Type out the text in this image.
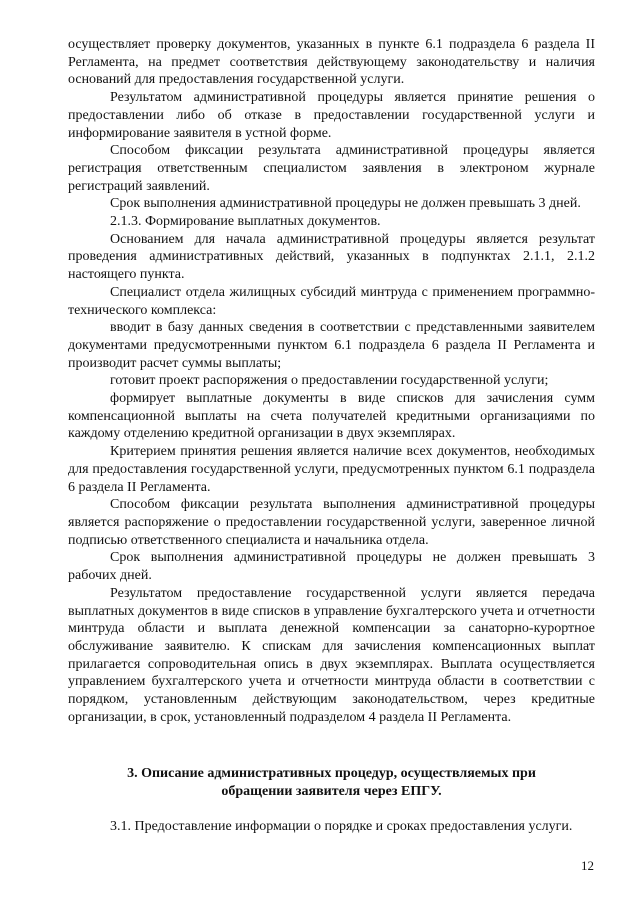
осуществляет проверку документов, указанных в пункте 6.1 подраздела 6 раздела II Регламента, на предмет соответствия действующему законодательству и наличия оснований для предоставления государственной услуги.

Результатом административной процедуры является принятие решения о предоставлении либо об отказе в предоставлении государственной услуги и информирование заявителя в устной форме.

Способом фиксации результата административной процедуры является регистрация ответственным специалистом заявления в электроном журнале регистраций заявлений.

Срок выполнения административной процедуры не должен превышать 3 дней.

2.1.3. Формирование выплатных документов.

Основанием для начала административной процедуры является результат проведения административных действий, указанных в подпунктах 2.1.1, 2.1.2 настоящего пункта.

Специалист отдела жилищных субсидий минтруда с применением программно-технического комплекса:

вводит в базу данных сведения в соответствии с представленными заявителем документами предусмотренными пунктом 6.1 подраздела 6 раздела II Регламента и производит расчет суммы выплаты;

готовит проект распоряжения о предоставлении государственной услуги;

формирует выплатные документы в виде списков для зачисления сумм компенсационной выплаты на счета получателей кредитными организациями по каждому отделению кредитной организации в двух экземплярах.

Критерием принятия решения является наличие всех документов, необходимых для предоставления государственной услуги, предусмотренных пунктом 6.1 подраздела 6 раздела II Регламента.

Способом фиксации результата выполнения административной процедуры является распоряжение о предоставлении государственной услуги, заверенное личной подписью ответственного специалиста и начальника отдела.

Срок выполнения административной процедуры не должен превышать 3 рабочих дней.

Результатом предоставление государственной услуги является передача выплатных документов в виде списков в управление бухгалтерского учета и отчетности минтруда области и выплата денежной компенсации за санаторно-курортное обслуживание заявителю. К спискам для зачисления компенсационных выплат прилагается сопроводительная опись в двух экземплярах. Выплата осуществляется управлением бухгалтерского учета и отчетности минтруда области в соответствии с порядком, установленным действующим законодательством, через кредитные организации, в срок, установленный подразделом 4 раздела II Регламента.

3. Описание административных процедур, осуществляемых при
обращении заявителя через ЕПГУ.

3.1. Предоставление информации о порядке и сроках предоставления услуги.

12
